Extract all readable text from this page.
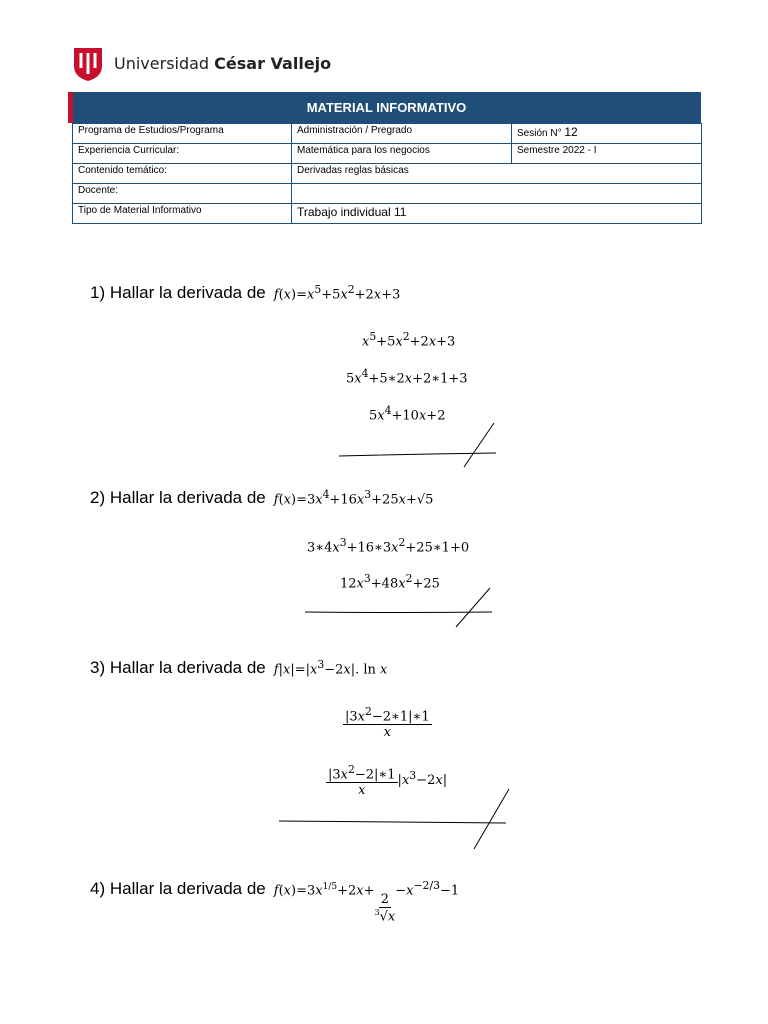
Universidad César Vallejo
MATERIAL INFORMATIVO
Programa de Estudios/Programa	Administración / Pregrado	Sesión N° 12
Experiencia Curricular:	Matemática para los negocios	Semestre 2022 - I
Contenido temático:	Derivadas reglas básicas	
Docente:		
Tipo de Material Informativo	Trabajo individual 11	
1) Hallar la derivada de $f(x)=x^5+5x^2+2x+3$
$x^5+5x^2+2x+3$
$5x^4+5∗2x+2∗1+3$
$5x^4+10x+2$
2) Hallar la derivada de $f(x)=3x^4+16x^3+25x+√5$
$3∗4x^3+16∗3x^2+25∗1+0$
$12x^3+48x^2+25$
3) Hallar la derivada de $f|x|=|x^3-2x|$. ln x
$\frac{|3x^2-2∗1|∗1}{x}$
$\frac{|3x^2-2|∗1}{x} |x^3-2x|$
4) Hallar la derivada de $f(x)=3x^{1/5}+2x+$
$\frac{2}{^3√x}$
$-x^{-2/3}-1$
